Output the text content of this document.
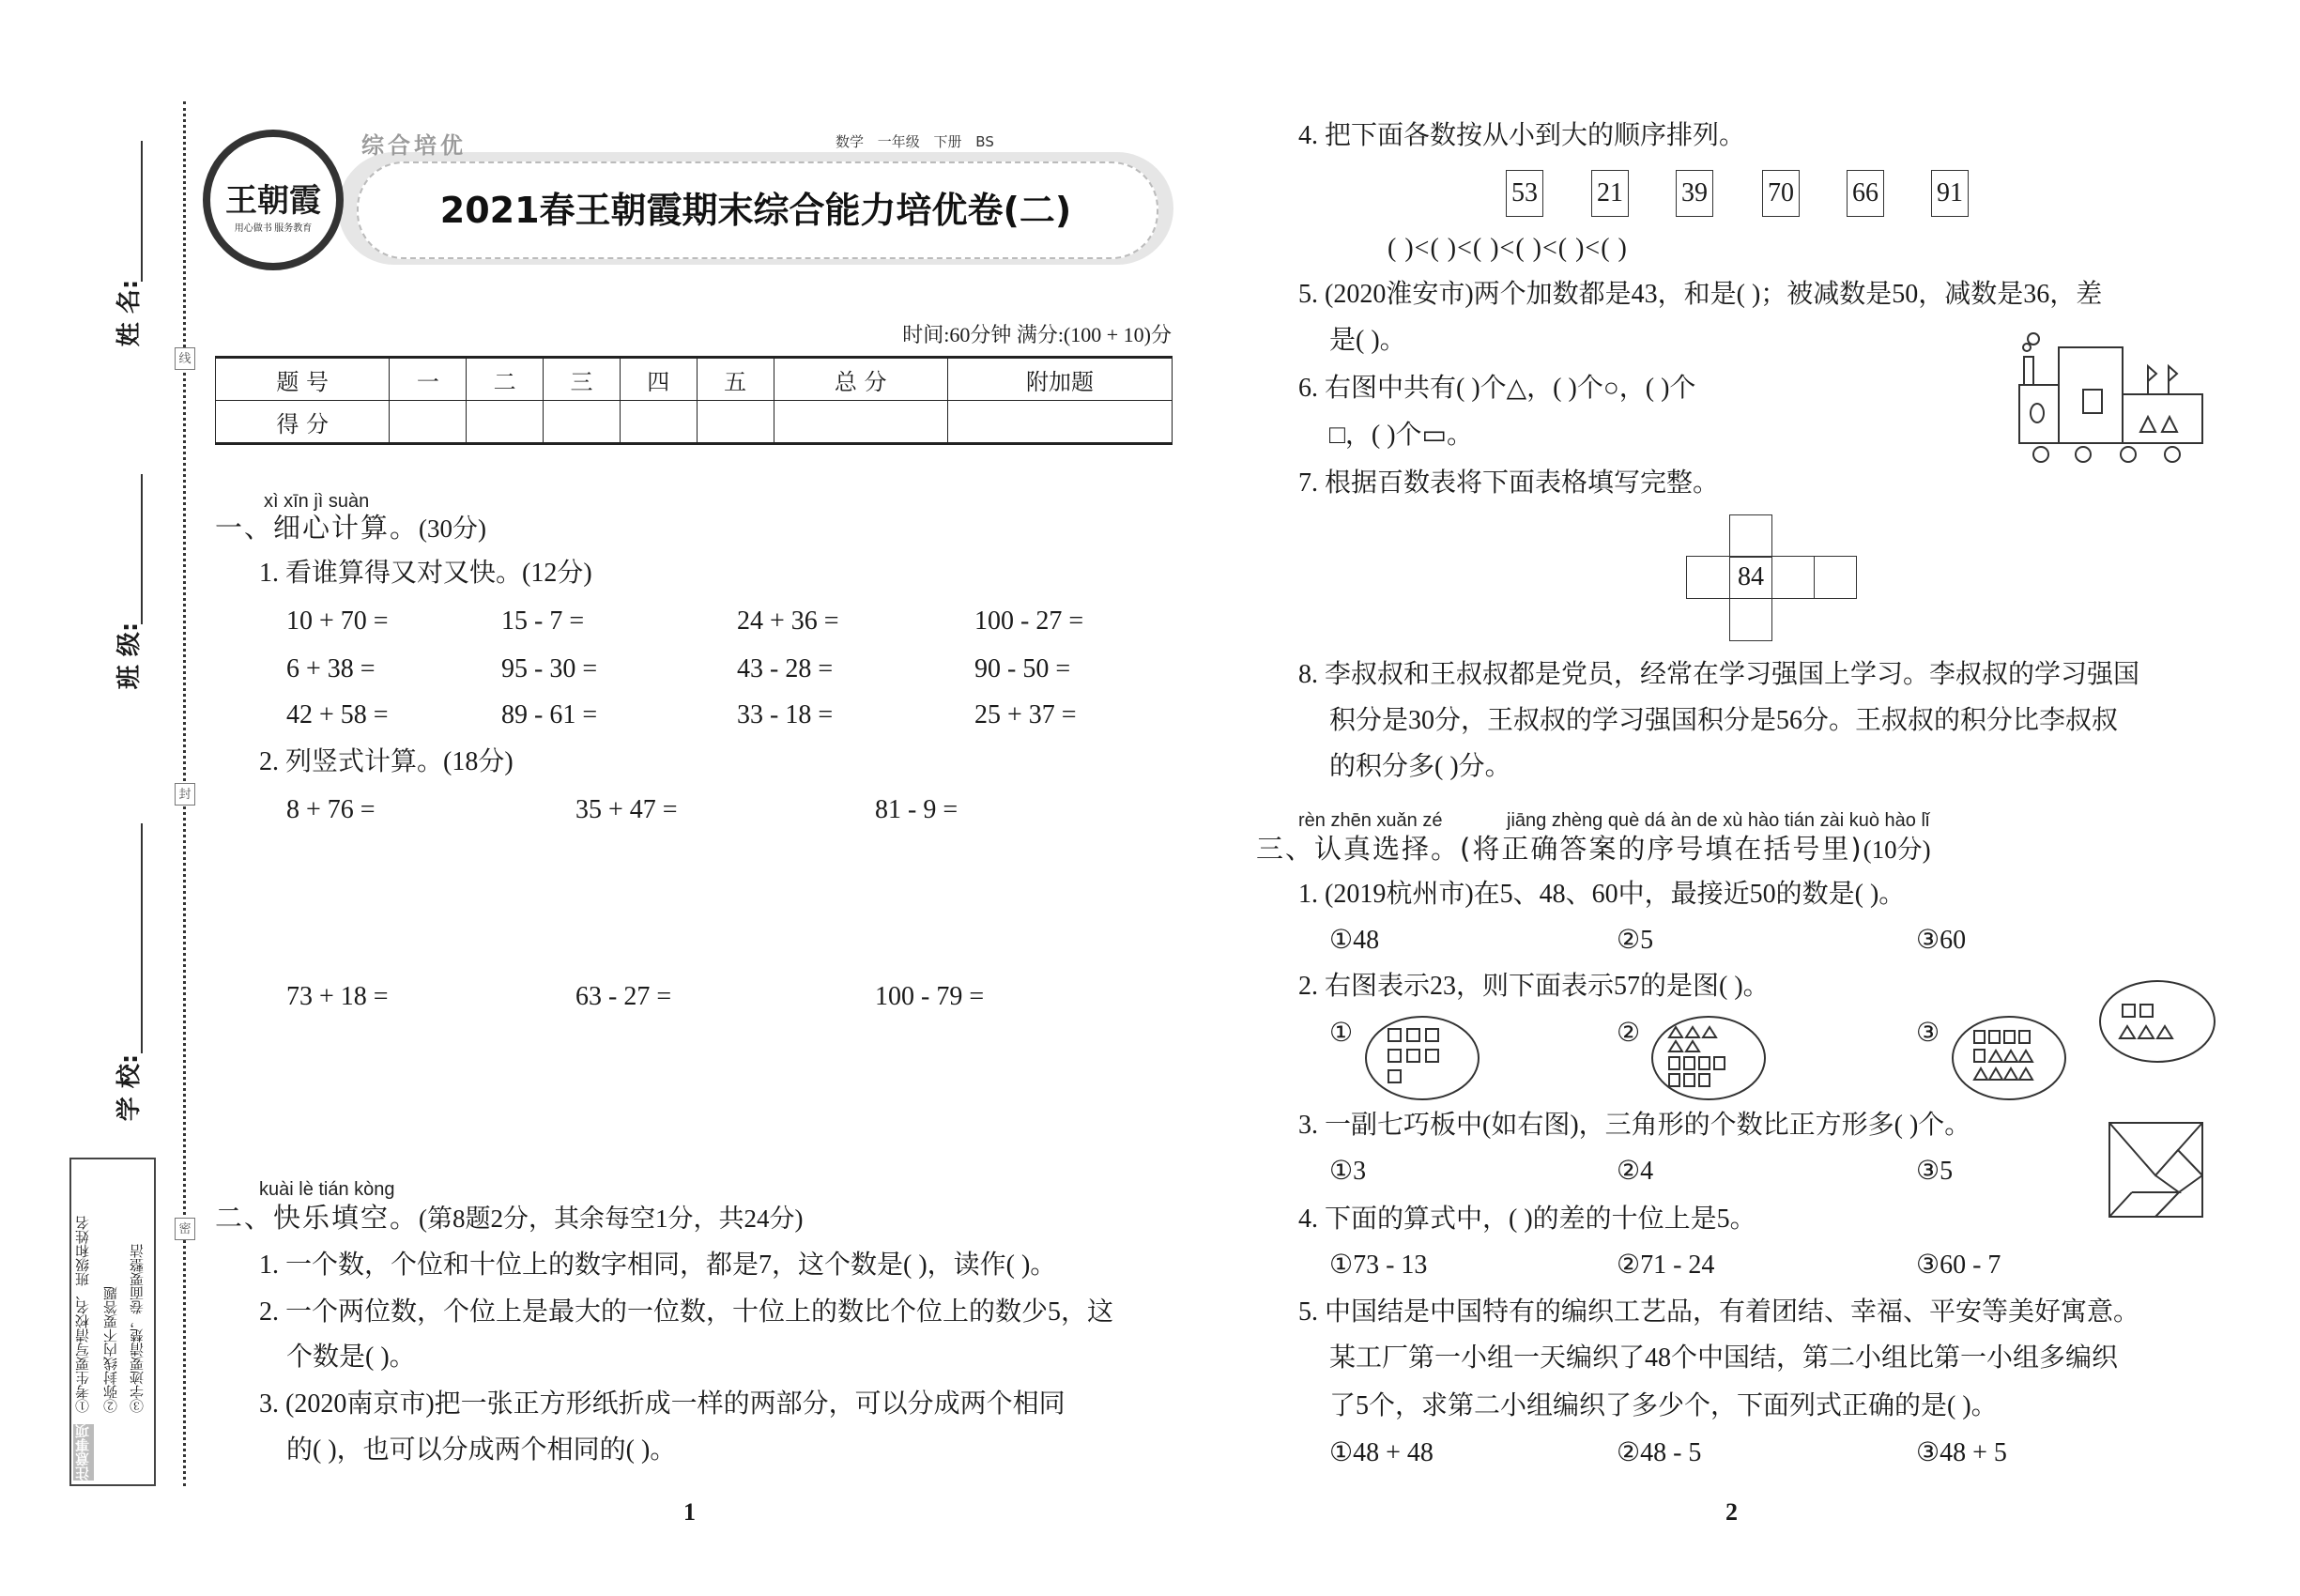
线
封
密
姓 名:
班 级:
学 校:
注意事项
①考生要写清校名、班级和姓名 ②弥封线内不要答题 ③字迹要清楚，卷面要整洁
王朝霞
用心做书 服务教育
综合培优	数学 一年级 下册 BS
2021春王朝霞期末综合能力培优卷(二)
时间:60分钟 满分:(100 + 10)分
题 号	一	二	三	四	五	总 分	附加题
得 分							
xì xīn jì suàn
一、细心计算。(30分)
1. 看谁算得又对又快。(12分)
2. 列竖式计算。(18分)
kuài lè tián kòng
二、快乐填空。(第8题2分，其余每空1分，共24分)
1. 一个数，个位和十位上的数字相同，都是7，这个数是( )，读作( )。
2. 一个两位数，个位上是最大的一位数，十位上的数比个位上的数少5，这
个数是( )。
3. (2020南京市)把一张正方形纸折成一样的两部分，可以分成两个相同
的( )，也可以分成两个相同的( )。
1
4. 把下面各数按从小到大的顺序排列。
( )<( )<( )<( )<( )<( )
5. (2020淮安市)两个加数都是43，和是( )；被减数是50，减数是36，差
是( )。
6. 右图中共有( )个△，( )个○，( )个
□，( )个▭。
7. 根据百数表将下面表格填写完整。
84
8. 李叔叔和王叔叔都是党员，经常在学习强国上学习。李叔叔的学习强国
积分是30分，王叔叔的学习强国积分是56分。王叔叔的积分比李叔叔
的积分多( )分。
rèn zhēn xuǎn zé	jiāng zhèng què dá àn de xù hào tián zài kuò hào lǐ
三、认真选择。(将正确答案的序号填在括号里)(10分)
1. (2019杭州市)在5、48、60中，最接近50的数是( )。
2. 右图表示23，则下面表示57的是图( )。
3. 一副七巧板中(如右图)，三角形的个数比正方形多( )个。
4. 下面的算式中，( )的差的十位上是5。
5. 中国结是中国特有的编织工艺品，有着团结、幸福、平安等美好寓意。
某工厂第一小组一天编织了48个中国结，第二小组比第一小组多编织
了5个，求第二小组编织了多少个，下面列式正确的是( )。
2
10 + 70 =	15 - 7 =	24 + 36 =	100 - 27 =
6 + 38 =	95 - 30 =	43 - 28 =	90 - 50 =
42 + 58 =	89 - 61 =	33 - 18 =	25 + 37 =
8 + 76 =	35 + 47 =	81 - 9 =
73 + 18 =	63 - 27 =	100 - 79 =
53 21 39 70 66 91
①48	②5	③60
①3	②4	③5
①73 - 13	②71 - 24	③60 - 7
①48 + 48	②48 - 5	③48 + 5
①	②	③
